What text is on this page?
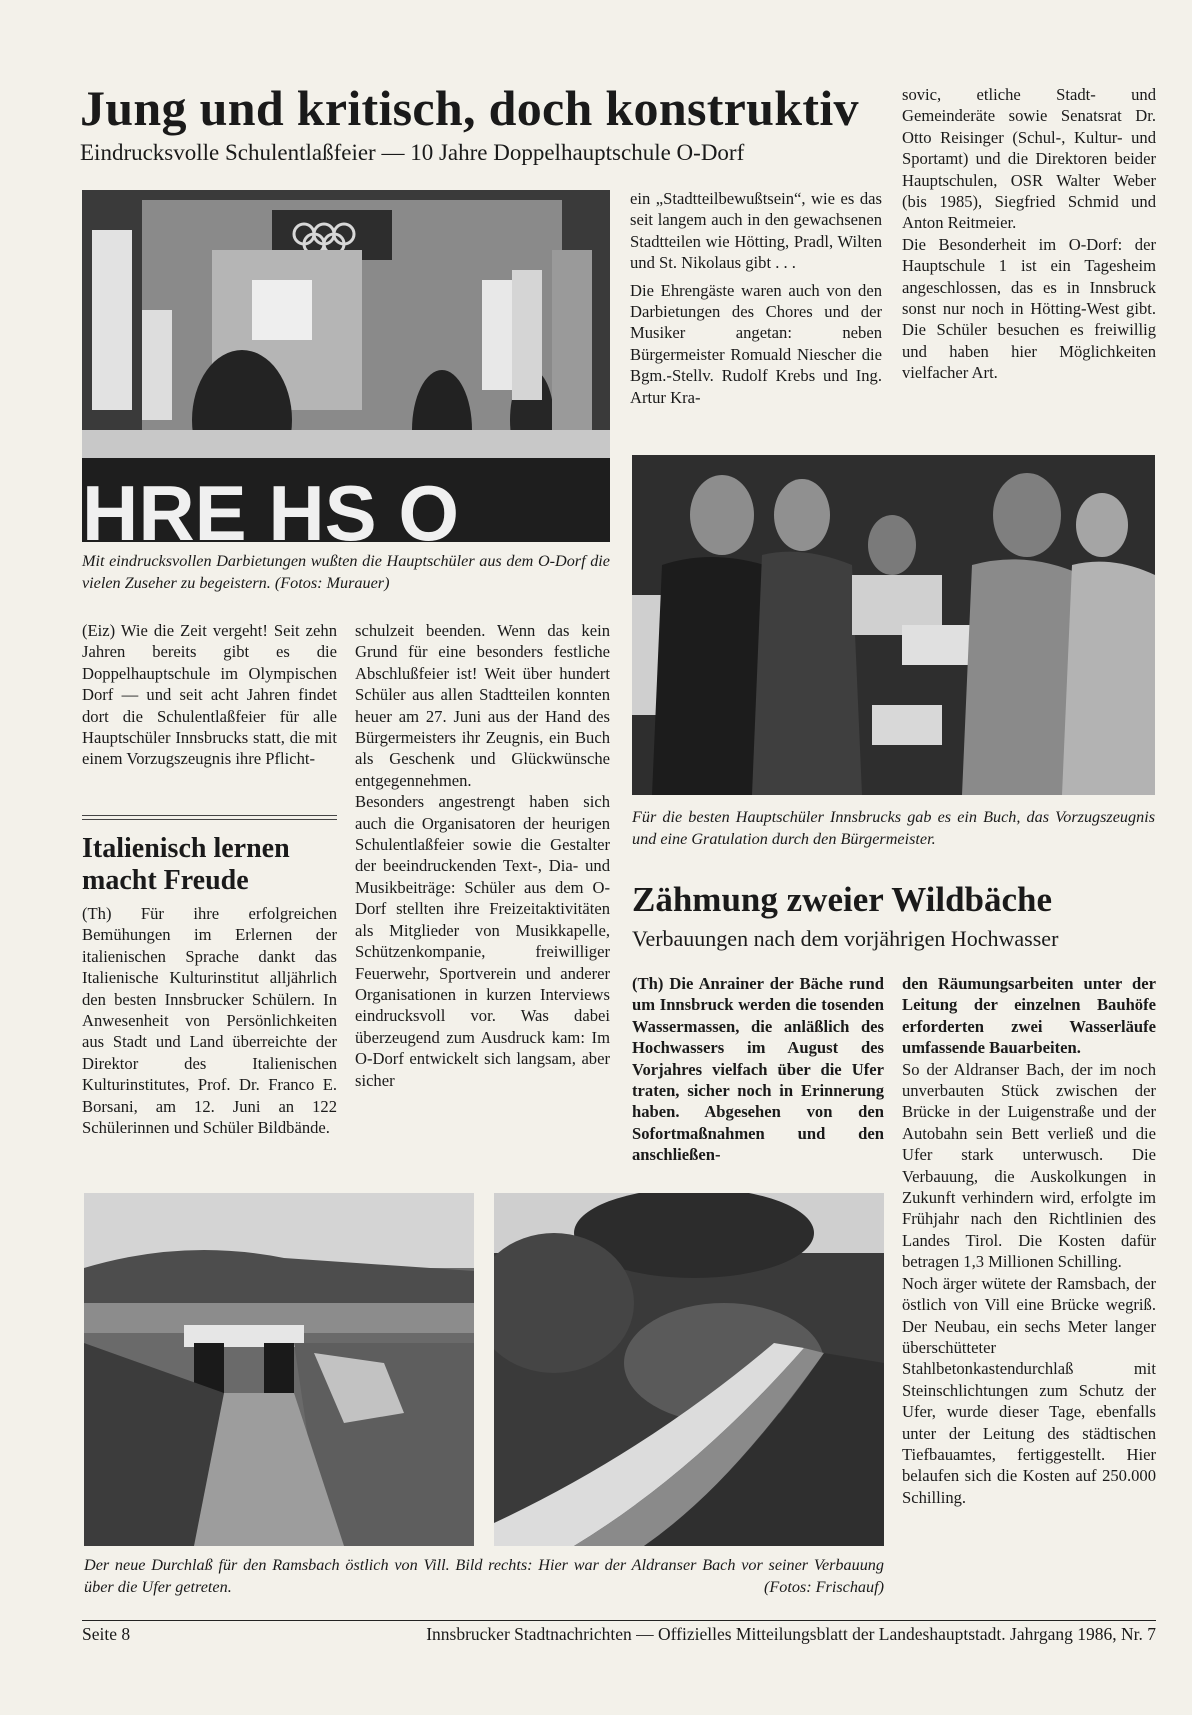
Jung und kritisch, doch konstruktiv
Eindrucksvolle Schulentlaßfeier — 10 Jahre Doppelhauptschule O-Dorf
HRE HS O
Mit eindrucksvollen Darbietungen wußten die Hauptschüler aus dem O-Dorf die vielen Zuseher zu begeistern. (Fotos: Murauer)
(Eiz) Wie die Zeit vergeht! Seit zehn Jahren bereits gibt es die Doppelhauptschule im Olympischen Dorf — und seit acht Jahren findet dort die Schulentlaßfeier für alle Hauptschüler Innsbrucks statt, die mit einem Vorzugszeugnis ihre Pflicht-

schulzeit beenden. Wenn das kein Grund für eine besonders festliche Abschlußfeier ist! Weit über hundert Schüler aus allen Stadtteilen konnten heuer am 27. Juni aus der Hand des Bürgermeisters ihr Zeugnis, ein Buch als Geschenk und Glückwünsche entgegennehmen.

Besonders angestrengt haben sich auch die Organisatoren der heurigen Schulentlaßfeier sowie die Gestalter der beeindruckenden Text-, Dia- und Musikbeiträge: Schüler aus dem O-Dorf stellten ihre Freizeitaktivitäten als Mitglieder von Musikkapelle, Schützenkompanie, freiwilliger Feuerwehr, Sportverein und anderer Organisationen in kurzen Interviews eindrucksvoll vor. Was dabei überzeugend zum Ausdruck kam: Im O-Dorf entwickelt sich langsam, aber sicher

ein „Stadtteilbewußtsein“, wie es das seit langem auch in den gewachsenen Stadtteilen wie Hötting, Pradl, Wilten und St. Nikolaus gibt . . .

Die Ehrengäste waren auch von den Darbietungen des Chores und der Musiker angetan: neben Bürgermeister Romuald Niescher die Bgm.-Stellv. Rudolf Krebs und Ing. Artur Kra-

sovic, etliche Stadt- und Gemeinderäte sowie Senatsrat Dr. Otto Reisinger (Schul-, Kultur- und Sportamt) und die Direktoren beider Hauptschulen, OSR Walter Weber (bis 1985), Siegfried Schmid und Anton Reitmeier.

Die Besonderheit im O-Dorf: der Hauptschule 1 ist ein Tagesheim angeschlossen, das es in Innsbruck sonst nur noch in Hötting-West gibt. Die Schüler besuchen es freiwillig und haben hier Möglichkeiten vielfacher Art.

Für die besten Hauptschüler Innsbrucks gab es ein Buch, das Vorzugszeugnis und eine Gratulation durch den Bürgermeister.
Italienisch lernen macht Freude
(Th) Für ihre erfolgreichen Bemühungen im Erlernen der italienischen Sprache dankt das Italienische Kulturinstitut alljährlich den besten Innsbrucker Schülern. In Anwesenheit von Persönlichkeiten aus Stadt und Land überreichte der Direktor des Italienischen Kulturinstitutes, Prof. Dr. Franco E. Borsani, am 12. Juni an 122 Schülerinnen und Schüler Bildbände.
Zähmung zweier Wildbäche
Verbauungen nach dem vorjährigen Hochwasser
(Th) Die Anrainer der Bäche rund um Innsbruck werden die tosenden Wassermassen, die anläßlich des Hochwassers im August des Vorjahres vielfach über die Ufer traten, sicher noch in Erinnerung haben. Abgesehen von den Sofortmaßnahmen und den anschließen-

den Räumungsarbeiten unter der Leitung der einzelnen Bauhöfe erforderten zwei Wasserläufe umfassende Bauarbeiten.

So der Aldranser Bach, der im noch unverbauten Stück zwischen der Brücke in der Luigenstraße und der Autobahn sein Bett verließ und die Ufer stark unterwusch. Die Verbauung, die Auskolkungen in Zukunft verhindern wird, erfolgte im Frühjahr nach den Richtlinien des Landes Tirol. Die Kosten dafür betragen 1,3 Millionen Schilling.

Noch ärger wütete der Ramsbach, der östlich von Vill eine Brücke wegriß. Der Neubau, ein sechs Meter langer überschütteter Stahlbetonkastendurchlaß mit Steinschlichtungen zum Schutz der Ufer, wurde dieser Tage, ebenfalls unter der Leitung des städtischen Tiefbauamtes, fertiggestellt. Hier belaufen sich die Kosten auf 250.000 Schilling.

Der neue Durchlaß für den Ramsbach östlich von Vill. Bild rechts: Hier war der Aldranser Bach vor seiner Verbauung über die Ufer getreten.	(Fotos: Frischauf)
Seite 8	Innsbrucker Stadtnachrichten — Offizielles Mitteilungsblatt der Landeshauptstadt. Jahrgang 1986, Nr. 7
